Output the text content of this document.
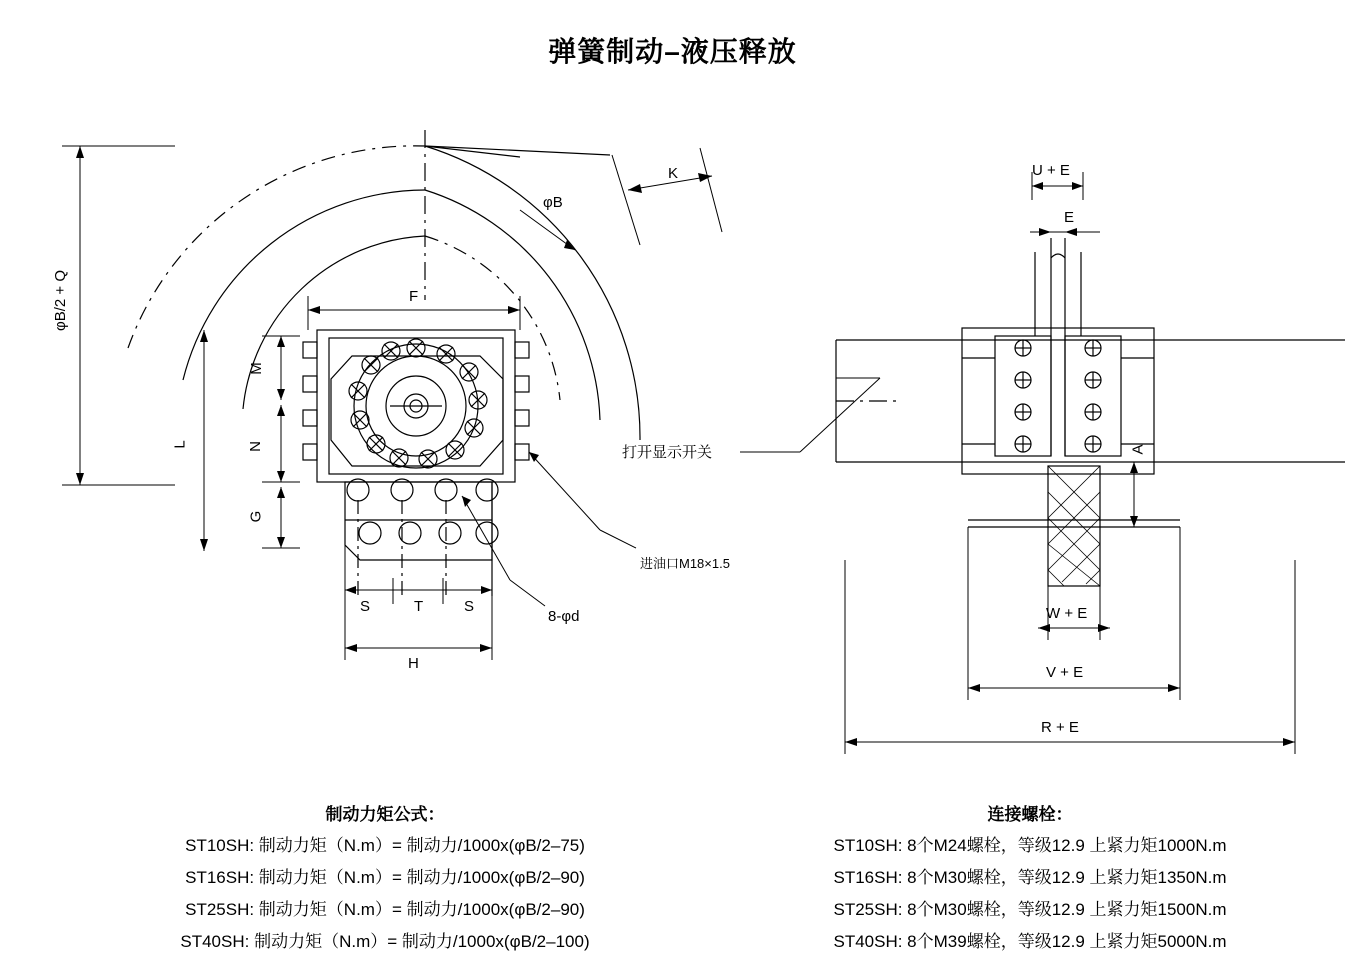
弹簧制动–液压释放
φB/2 + Q
L
M
N
G
F
φB
K
S	T	S
H
打开显示开关
进油口M18×1.5
8-φd
U + E
E
A
W + E
V + E
R + E
制动力矩公式：
ST10SH: 制动力矩（N.m）= 制动力/1000x(φB/2–75)
ST16SH: 制动力矩（N.m）= 制动力/1000x(φB/2–90)
ST25SH: 制动力矩（N.m）= 制动力/1000x(φB/2–90)
ST40SH: 制动力矩（N.m）= 制动力/1000x(φB/2–100)
连接螺栓：
ST10SH: 8个M24螺栓，等级12.9 上紧力矩1000N.m
ST16SH: 8个M30螺栓，等级12.9 上紧力矩1350N.m
ST25SH: 8个M30螺栓，等级12.9 上紧力矩1500N.m
ST40SH: 8个M39螺栓，等级12.9 上紧力矩5000N.m
